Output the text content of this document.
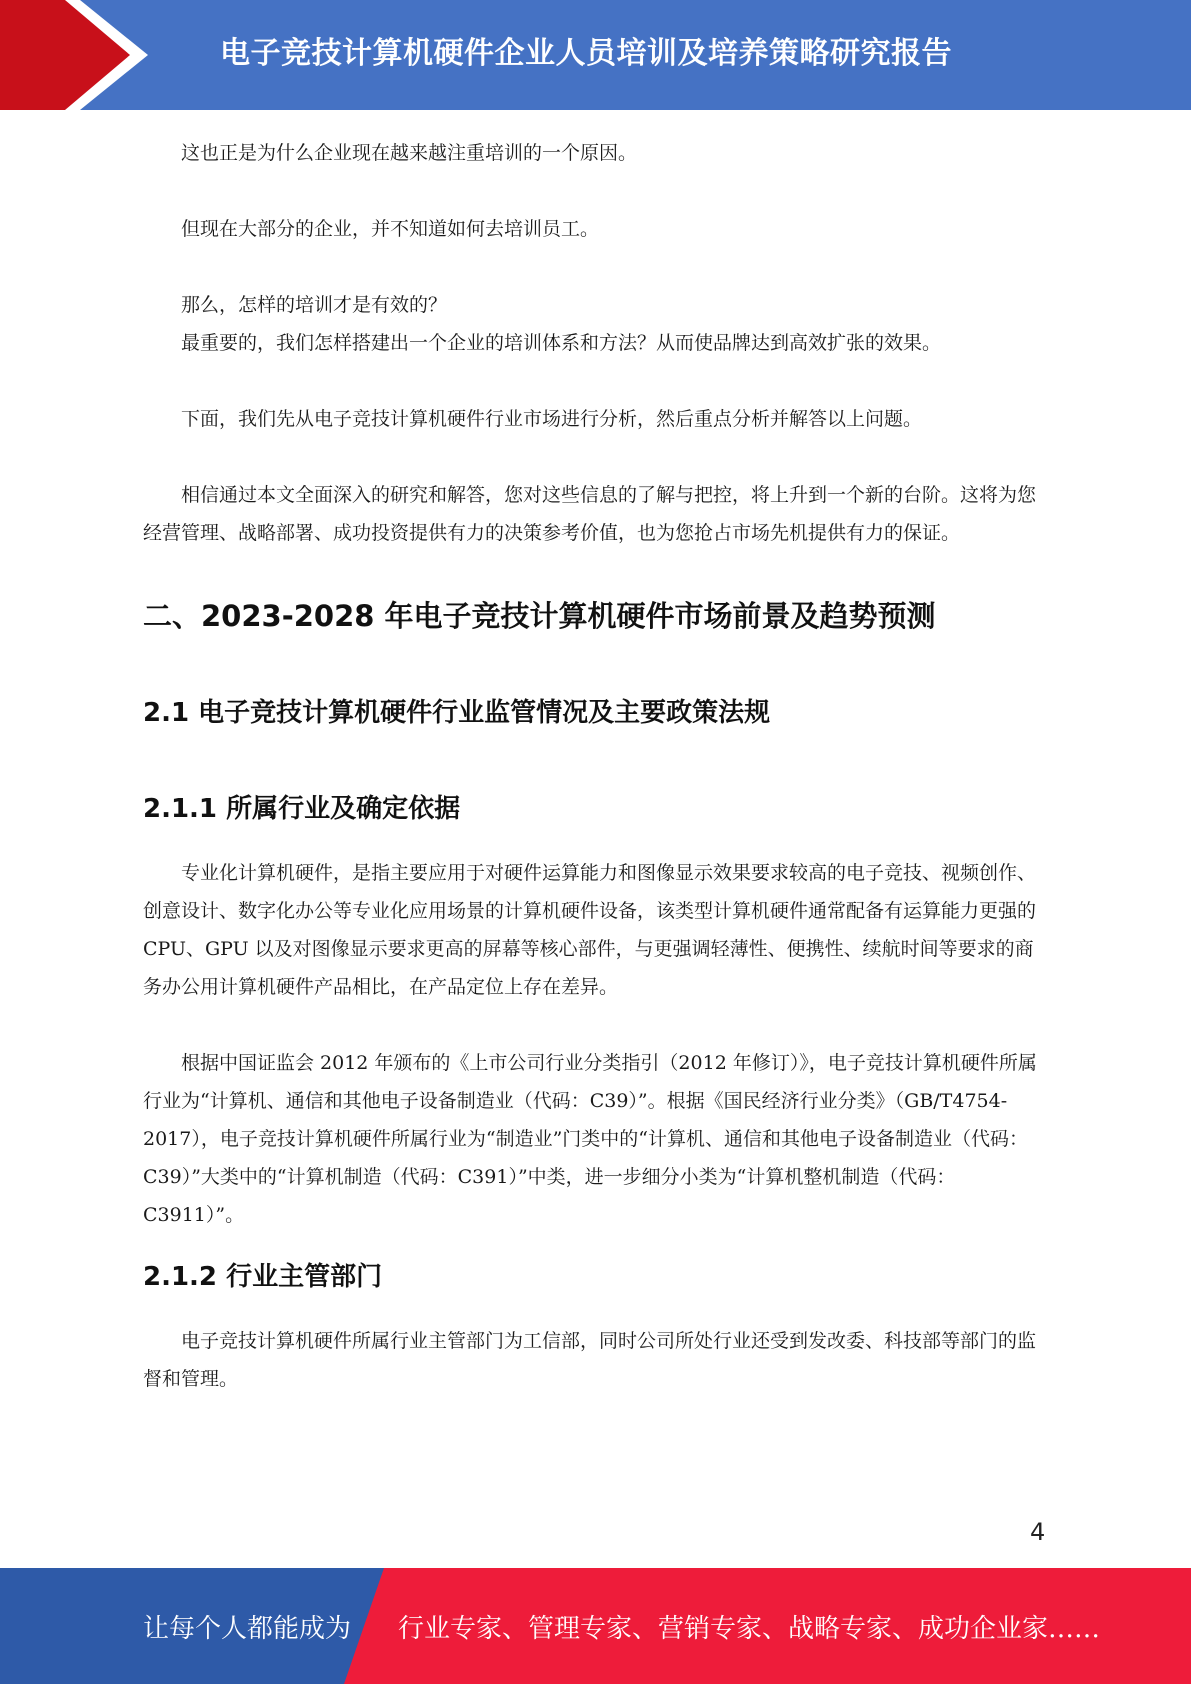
电子竞技计算机硬件企业人员培训及培养策略研究报告

这也正是为什么企业现在越来越注重培训的一个原因。

但现在大部分的企业，并不知道如何去培训员工。

那么，怎样的培训才是有效的？

最重要的，我们怎样搭建出一个企业的培训体系和方法？从而使品牌达到高效扩张的效果。

下面，我们先从电子竞技计算机硬件行业市场进行分析，然后重点分析并解答以上问题。

相信通过本文全面深入的研究和解答，您对这些信息的了解与把控，将上升到一个新的台阶。这将为您经营管理、战略部署、成功投资提供有力的决策参考价值，也为您抢占市场先机提供有力的保证。

二、2023-2028 年电子竞技计算机硬件市场前景及趋势预测
2.1 电子竞技计算机硬件行业监管情况及主要政策法规
2.1.1 所属行业及确定依据

专业化计算机硬件，是指主要应用于对硬件运算能力和图像显示效果要求较高的电子竞技、视频创作、创意设计、数字化办公等专业化应用场景的计算机硬件设备，该类型计算机硬件通常配备有运算能力更强的 CPU、GPU 以及对图像显示要求更高的屏幕等核心部件，与更强调轻薄性、便携性、续航时间等要求的商务办公用计算机硬件产品相比，在产品定位上存在差异。

根据中国证监会 2012 年颁布的《上市公司行业分类指引（2012 年修订）》，电子竞技计算机硬件所属行业为“计算机、通信和其他电子设备制造业（代码：C39）”。根据《国民经济行业分类》（GB/T4754-2017），电子竞技计算机硬件所属行业为“制造业”门类中的“计算机、通信和其他电子设备制造业（代码：C39）”大类中的“计算机制造（代码：C391）”中类，进一步细分小类为“计算机整机制造（代码：C3911）”。

2.1.2 行业主管部门

电子竞技计算机硬件所属行业主管部门为工信部，同时公司所处行业还受到发改委、科技部等部门的监督和管理。

4
让每个人都能成为 行业专家、管理专家、营销专家、战略专家、成功企业家……
